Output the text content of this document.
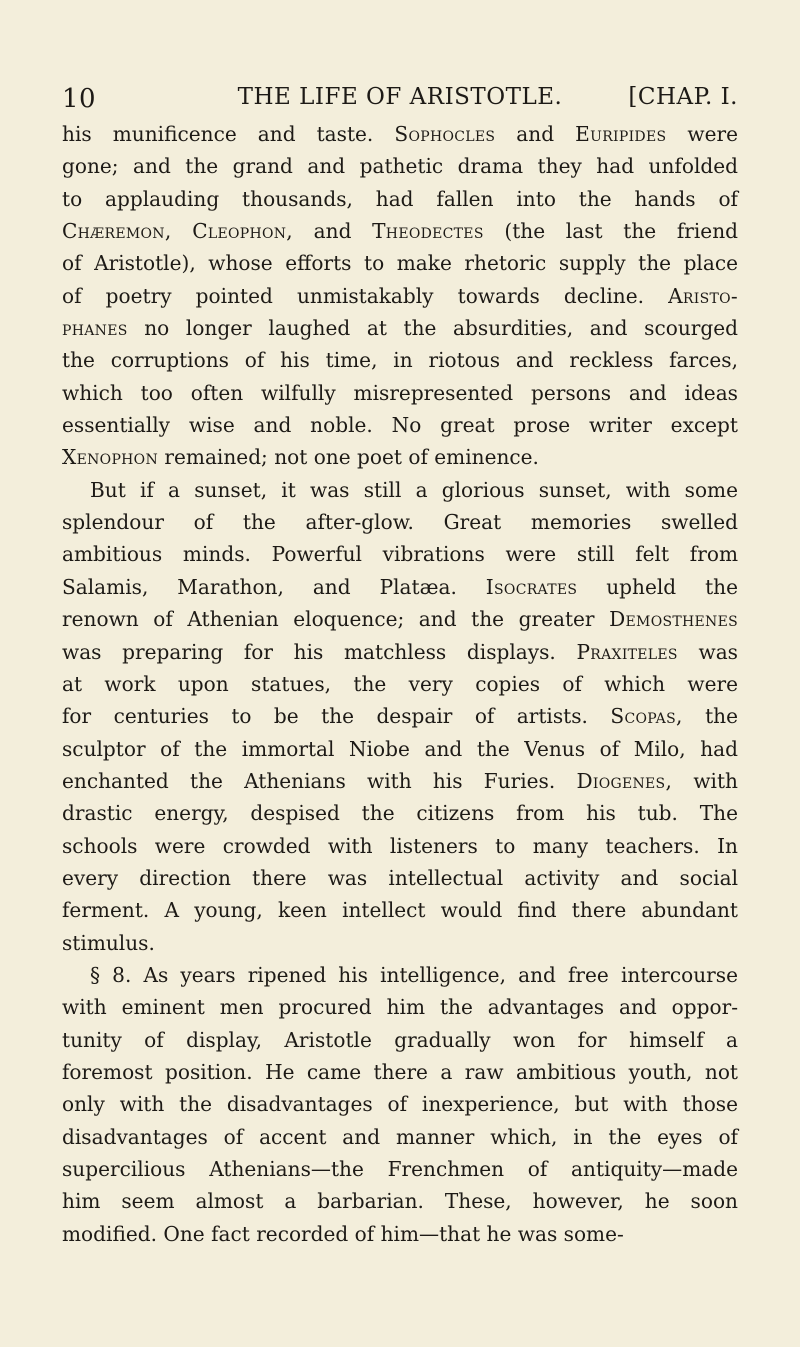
10	THE LIFE OF ARISTOTLE.	[CHAP. I.

his munificence and taste. Sophocles and Euripides were

gone; and the grand and pathetic drama they had unfolded

to applauding thousands, had fallen into the hands of

Chæremon, Cleophon, and Theodectes (the last the friend

of Aristotle), whose efforts to make rhetoric supply the place

of poetry pointed unmistakably towards decline. Aristo-

phanes no longer laughed at the absurdities, and scourged

the corruptions of his time, in riotous and reckless farces,

which too often wilfully misrepresented persons and ideas

essentially wise and noble. No great prose writer except

Xenophon remained; not one poet of eminence.

But if a sunset, it was still a glorious sunset, with some

splendour of the after-glow. Great memories swelled

ambitious minds. Powerful vibrations were still felt from

Salamis, Marathon, and Platæa. Isocrates upheld the

renown of Athenian eloquence; and the greater Demosthenes

was preparing for his matchless displays. Praxiteles was

at work upon statues, the very copies of which were

for centuries to be the despair of artists. Scopas, the

sculptor of the immortal Niobe and the Venus of Milo, had

enchanted the Athenians with his Furies. Diogenes, with

drastic energy, despised the citizens from his tub. The

schools were crowded with listeners to many teachers. In

every direction there was intellectual activity and social

ferment. A young, keen intellect would find there abundant

stimulus.

§ 8. As years ripened his intelligence, and free intercourse

with eminent men procured him the advantages and oppor-

tunity of display, Aristotle gradually won for himself a

foremost position. He came there a raw ambitious youth, not

only with the disadvantages of inexperience, but with those

disadvantages of accent and manner which, in the eyes of

supercilious Athenians—the Frenchmen of antiquity—made

him seem almost a barbarian. These, however, he soon

modified. One fact recorded of him—that he was some-
